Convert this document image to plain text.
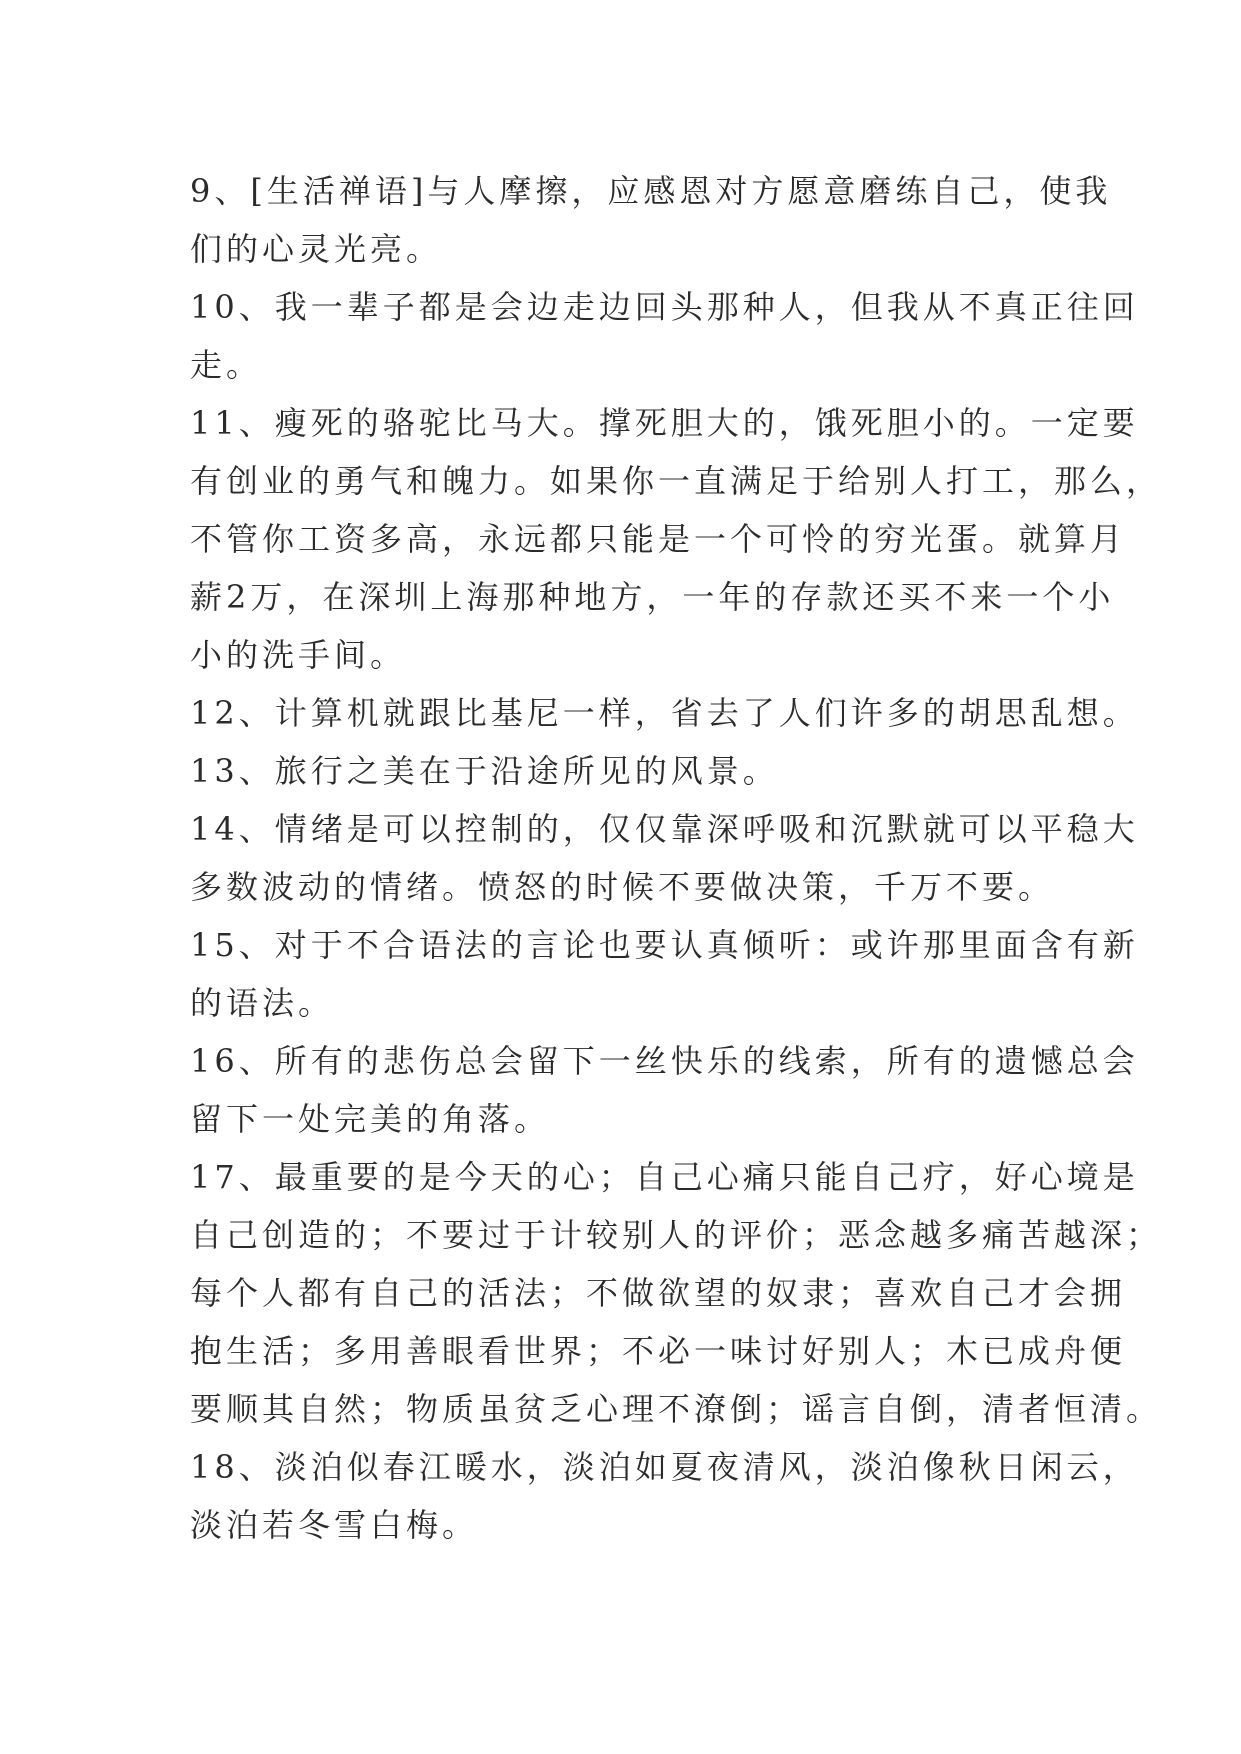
9、[生活禅语]与人摩擦，应感恩对方愿意磨练自己，使我
们的心灵光亮。
10、我一辈子都是会边走边回头那种人，但我从不真正往回
走。
11、瘦死的骆驼比马大。撑死胆大的，饿死胆小的。一定要
有创业的勇气和魄力。如果你一直满足于给别人打工，那么，
不管你工资多高，永远都只能是一个可怜的穷光蛋。就算月
薪2万，在深圳上海那种地方，一年的存款还买不来一个小
小的洗手间。
12、计算机就跟比基尼一样，省去了人们许多的胡思乱想。
13、旅行之美在于沿途所见的风景。
14、情绪是可以控制的，仅仅靠深呼吸和沉默就可以平稳大
多数波动的情绪。愤怒的时候不要做决策，千万不要。
15、对于不合语法的言论也要认真倾听：或许那里面含有新
的语法。
16、所有的悲伤总会留下一丝快乐的线索，所有的遗憾总会
留下一处完美的角落。
17、最重要的是今天的心；自己心痛只能自己疗，好心境是
自己创造的；不要过于计较别人的评价；恶念越多痛苦越深；
每个人都有自己的活法；不做欲望的奴隶；喜欢自己才会拥
抱生活；多用善眼看世界；不必一味讨好别人；木已成舟便
要顺其自然；物质虽贫乏心理不潦倒；谣言自倒，清者恒清。
18、淡泊似春江暖水，淡泊如夏夜清风，淡泊像秋日闲云，
淡泊若冬雪白梅。
